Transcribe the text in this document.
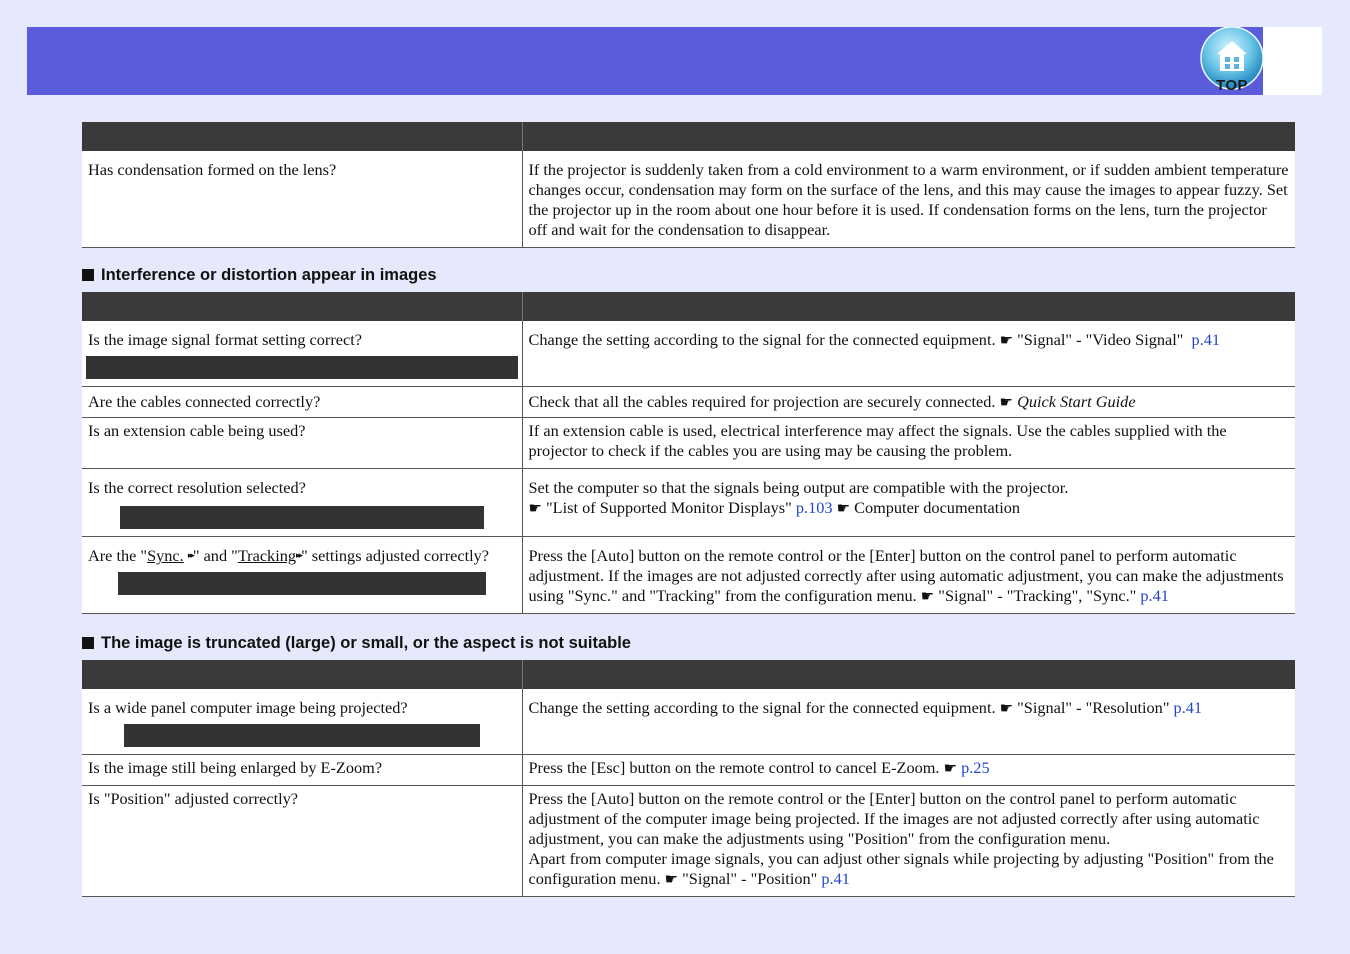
TOP

Has condensation formed on the lens?	If the projector is suddenly taken from a cold environment to a warm environment, or if sudden ambient temperature changes occur, condensation may form on the surface of the lens, and this may cause the images to appear fuzzy. Set the projector up in the room about one hour before it is used. If condensation forms on the lens, turn the projector off and wait for the condensation to disappear.
Interference or distortion appear in images

Is the image signal format setting correct?	Change the setting according to the signal for the connected equipment. ☛ "Signal" - "Video Signal" p.41
Are the cables connected correctly?	Check that all the cables required for projection are securely connected. ☛ Quick Start Guide
Is an extension cable being used?	If an extension cable is used, electrical interference may affect the signals. Use the cables supplied with the projector to check if the cables you are using may be causing the problem.

Is the correct resolution selected?	Set the computer so that the signals being output are compatible with the projector.
☛ "List of Supported Monitor Displays" p.103 ☛ Computer documentation

Are the "Sync. ▸▸" and "Tracking▸▸" settings adjusted correctly?	Press the [Auto] button on the remote control or the [Enter] button on the control panel to perform automatic adjustment. If the images are not adjusted correctly after using automatic adjustment, you can make the adjustments using "Sync." and "Tracking" from the configuration menu. ☛ "Signal" - "Tracking", "Sync." p.41
The image is truncated (large) or small, or the aspect is not suitable

Is a wide panel computer image being projected?	Change the setting according to the signal for the connected equipment. ☛ "Signal" - "Resolution" p.41
Is the image still being enlarged by E-Zoom?	Press the [Esc] button on the remote control to cancel E-Zoom. ☛ p.25
Is "Position" adjusted correctly?	Press the [Auto] button on the remote control or the [Enter] button on the control panel to perform automatic adjustment of the computer image being projected. If the images are not adjusted correctly after using automatic adjustment, you can make the adjustments using "Position" from the configuration menu.
Apart from computer image signals, you can adjust other signals while projecting by adjusting "Position" from the configuration menu. ☛ "Signal" - "Position" p.41
